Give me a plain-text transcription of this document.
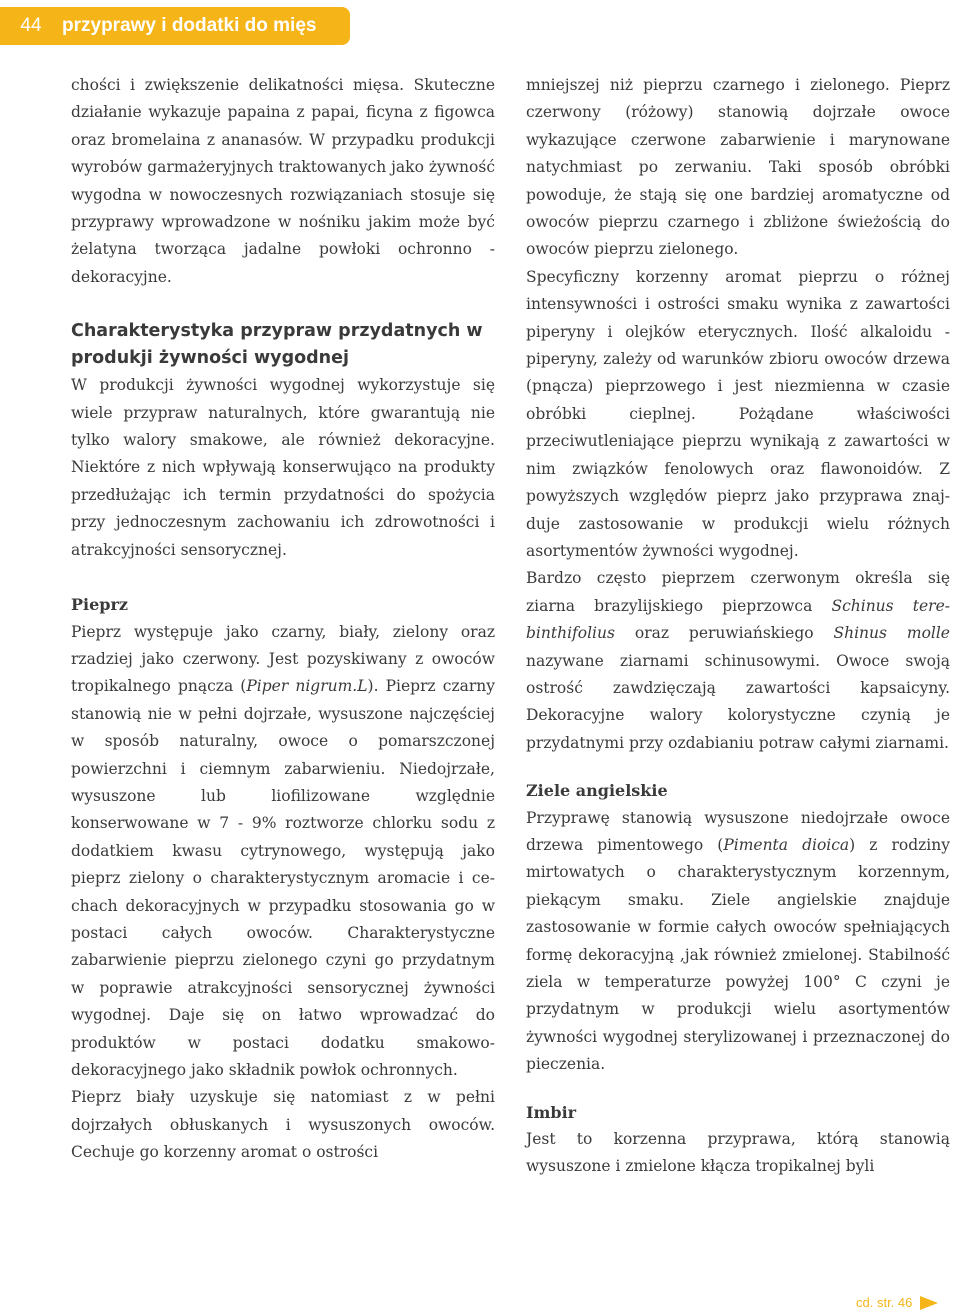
44	przyprawy i dodatki do mięs

chości i zwiększenie delikatności mięsa. Skuteczne działanie wykazuje papaina z papai, ficyna z figowca oraz bromelaina z ananasów. W przypadku produkcji wyrobów garmażeryjnych traktowanych jako żywność wygodna w nowoczesnych rozwiązaniach stosuje się przyprawy wprowadzone w nośniku jakim może być żelatyna tworząca jadalne powłoki ochronno - dekoracyjne.

Charakterystyka przypraw przydatnych w produkji żywności wygodnej

W produkcji żywności wygodnej wykorzystuje się wiele przypraw naturalnych, które gwarantują nie tylko walory smakowe, ale również dekoracyjne. Niektóre z nich wpływają konserwująco na produkty przedłużając ich termin przydatności do spożycia przy jednoczesnym zachowaniu ich zdrowotności i atrakcyjności sensorycznej.

Pieprz

Pieprz występuje jako czarny, biały, zielony oraz rzadziej jako czerwony. Jest pozyskiwany z owoców tropikalnego pnącza (Piper nigrum.L). Pieprz czarny stanowią nie w pełni dojrzałe, wysuszone najczęściej w sposób naturalny, owoce o pomarszczonej powierzchni i ciemnym zabarwieniu. Niedojrzałe, wysuszone lub liofilizowane względnie konserwowane w 7 - 9% roztworze chlorku sodu z dodatkiem kwasu cytrynowego, występują jako pieprz zielony o charakterystycznym aromacie i cechach dekoracyjnych w przypadku stosowania go w postaci całych owoców. Charakterystyczne zabarwienie pieprzu zielonego czyni go przydatnym w poprawie atrakcyjności sensorycznej żywności wygodnej. Daje się on łatwo wprowadzać do produktów w postaci dodatku smakowo-dekoracyjnego jako składnik powłok ochronnych.

Pieprz biały uzyskuje się natomiast z w pełni dojrzałych obłuskanych i wysuszonych owoców. Cechuje go korzenny aromat o ostrości

mniejszej niż pieprzu czarnego i zielonego. Pieprz czerwony (różowy) stanowią dojrzałe owoce wykazujące czerwone zabarwienie i marynowane natychmiast po zerwaniu. Taki sposób obróbki powoduje, że stają się one bardziej aromatyczne od owoców pieprzu czarnego i zbliżone świeżością do owoców pieprzu zielonego.

Specyficzny korzenny aromat pieprzu o różnej intensywności i ostrości smaku wynika z zawartości piperyny i olejków eterycznych. Ilość alkaloidu - piperyny, zależy od warunków zbioru owoców drzewa (pnącza) pieprzowego i jest niezmienna w czasie obróbki cieplnej. Pożądane właściwości przeciwutleniające pieprzu wynikają z zawartości w nim związków fenolowych oraz flawonoidów. Z powyższych względów pieprz jako przyprawa znajduje zastosowanie w produkcji wielu różnych asortymentów żywności wygodnej.

Bardzo często pieprzem czerwonym określa się ziarna brazylijskiego pieprzowca Schinus terebinthifolius oraz peruwiańskiego Shinus molle nazywane ziarnami schinusowymi. Owoce swoją ostrość zawdzięczają zawartości kapsaicyny. Dekoracyjne walory kolorystyczne czynią je przydatnymi przy ozdabianiu potraw całymi ziarnami.

Ziele angielskie

Przyprawę stanowią wysuszone niedojrzałe owoce drzewa pimentowego (Pimenta dioica) z rodziny mirtowatych o charakterystycznym korzennym, piekącym smaku. Ziele angielskie znajduje zastosowanie w formie całych owoców spełniających formę dekoracyjną ,jak również zmielonej. Stabilność ziela w temperaturze powyżej 100° C czyni je przydatnym w produkcji wielu asortymentów żywności wygodnej sterylizowanej i przeznaczonej do pieczenia.

Imbir

Jest to korzenna przyprawa, którą stanowią wysuszone i zmielone kłącza tropikalnej byli

cd. str. 46
